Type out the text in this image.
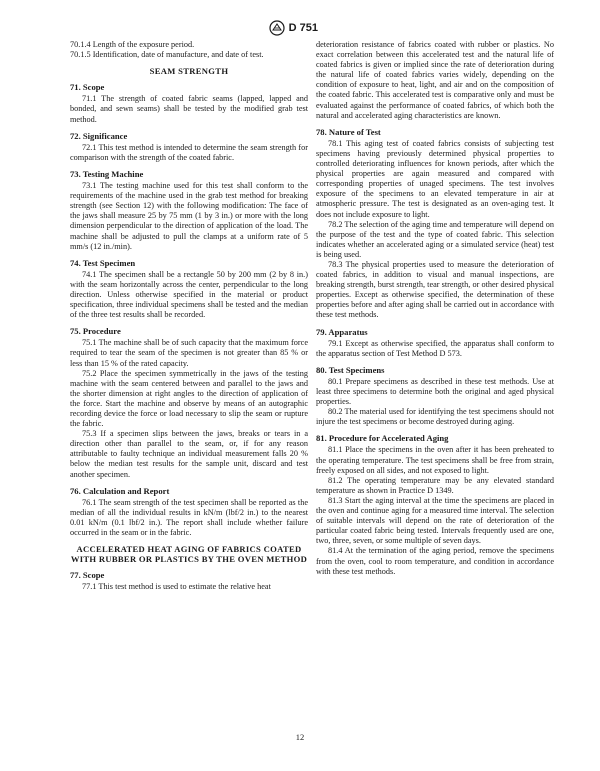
D 751

70.1.4 Length of the exposure period.

70.1.5 Identification, date of manufacture, and date of test.

SEAM STRENGTH
71. Scope

71.1 The strength of coated fabric seams (lapped, lapped and bonded, and sewn seams) shall be tested by the modified grab test method.

72. Significance

72.1 This test method is intended to determine the seam strength for comparison with the strength of the coated fabric.

73. Testing Machine

73.1 The testing machine used for this test shall conform to the requirements of the machine used in the grab test method for breaking strength (see Section 12) with the following modification: The face of the jaws shall measure 25 by 75 mm (1 by 3 in.) or more with the long dimension perpendicular to the direction of application of the load. The machine shall be adjusted to pull the clamps at a uniform rate of 5 mm/s (12 in./min).

74. Test Specimen

74.1 The specimen shall be a rectangle 50 by 200 mm (2 by 8 in.) with the seam horizontally across the center, perpendicular to the long direction. Unless otherwise specified in the material or product specification, three individual specimens shall be tested and the median of the three test results shall be recorded.

75. Procedure

75.1 The machine shall be of such capacity that the maximum force required to tear the seam of the specimen is not greater than 85 % or less than 15 % of the rated capacity.

75.2 Place the specimen symmetrically in the jaws of the testing machine with the seam centered between and parallel to the jaws and the shorter dimension at right angles to the direction of application of the force. Start the machine and observe by means of an autographic recording device the force or load necessary to slip the seam or rupture the fabric.

75.3 If a specimen slips between the jaws, breaks or tears in a direction other than parallel to the seam, or, if for any reason attributable to faulty technique an individual measurement falls 20 % below the median test results for the sample unit, discard and test another specimen.

76. Calculation and Report

76.1 The seam strength of the test specimen shall be reported as the median of all the individual results in kN/m (lbf/2 in.) to the nearest 0.01 kN/m (0.1 lbf/2 in.). The report shall include whether failure occurred in the seam or in the fabric.

ACCELERATED HEAT AGING OF FABRICS COATED WITH RUBBER OR PLASTICS BY THE OVEN METHOD
77. Scope

77.1 This test method is used to estimate the relative heat

deterioration resistance of fabrics coated with rubber or plastics. No exact correlation between this accelerated test and the natural life of coated fabrics is given or implied since the rate of deterioration during the natural life of coated fabrics varies widely, depending on the condition of exposure to heat, light, and air and on the composition of the coated fabric. This accelerated test is comparative only and must be evaluated against the performance of coated fabrics, of which both the natural and accelerated aging characteristics are known.

78. Nature of Test

78.1 This aging test of coated fabrics consists of subjecting test specimens having previously determined physical properties to controlled deteriorating influences for known periods, after which the physical properties are again measured and compared with corresponding properties of unaged specimens. The test involves exposure of the specimens to an elevated temperature in air at atmospheric pressure. The test is designated as an oven-aging test. It does not include exposure to light.

78.2 The selection of the aging time and temperature will depend on the purpose of the test and the type of coated fabric. This selection indicates whether an accelerated aging or a simulated service (heat) test is being used.

78.3 The physical properties used to measure the deterioration of coated fabrics, in addition to visual and manual inspections, are breaking strength, burst strength, tear strength, or other desired physical properties. Except as otherwise specified, the determination of these properties before and after aging shall be carried out in accordance with these test methods.

79. Apparatus

79.1 Except as otherwise specified, the apparatus shall conform to the apparatus section of Test Method D 573.

80. Test Specimens

80.1 Prepare specimens as described in these test methods. Use at least three specimens to determine both the original and aged physical properties.

80.2 The material used for identifying the test specimens should not injure the test specimens or become destroyed during aging.

81. Procedure for Accelerated Aging

81.1 Place the specimens in the oven after it has been preheated to the operating temperature. The test specimens shall be free from strain, freely exposed on all sides, and not exposed to light.

81.2 The operating temperature may be any elevated standard temperature as shown in Practice D 1349.

81.3 Start the aging interval at the time the specimens are placed in the oven and continue aging for a measured time interval. The selection of suitable intervals will depend on the rate of deterioration of the particular coated fabric being tested. Intervals frequently used are one, two, three, seven, or some multiple of seven days.

81.4 At the termination of the aging period, remove the specimens from the oven, cool to room temperature, and condition in accordance with these test methods.

12
